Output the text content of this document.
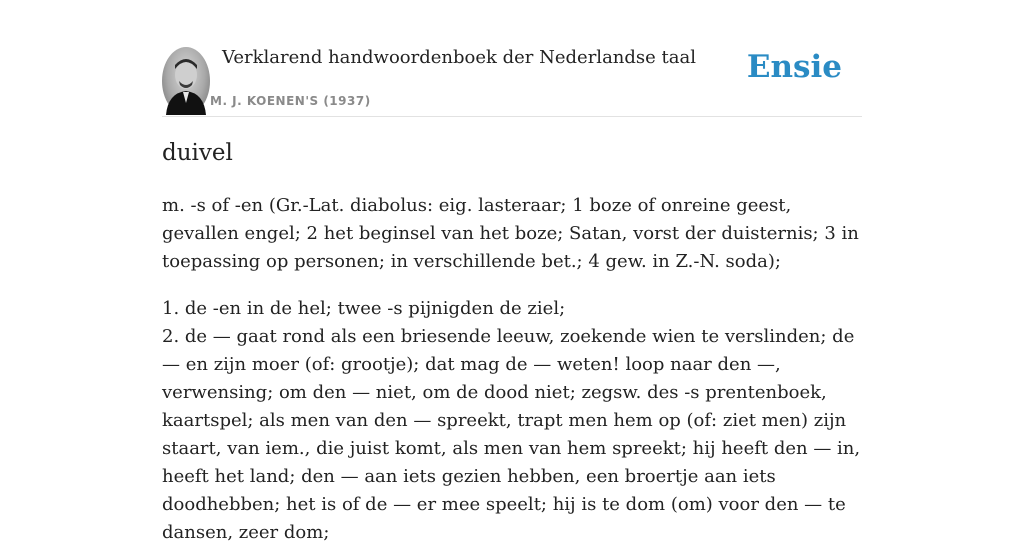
Verklarend handwoordenboek der Nederlandse taal
M. J. KOENEN'S (1937)
Ensie
duivel

m. -s of -en (Gr.-Lat. diabolus: eig. lasteraar; 1 boze of onreine geest, gevallen engel; 2 het beginsel van het boze; Satan, vorst der duisternis; 3 in toepassing op personen; in verschillende bet.; 4 gew. in Z.-N. soda);

1. de -en in de hel; twee -s pijnigden de ziel;
2. de — gaat rond als een briesende leeuw, zoekende wien te verslinden; de — en zijn moer (of: grootje); dat mag de — weten! loop naar den —, verwensing; om den — niet, om de dood niet; zegsw. des -s prentenboek, kaartspel; als men van den — spreekt, trapt men hem op (of: ziet men) zijn staart, van iem., die juist komt, als men van hem spreekt; hij heeft den — in, heeft het land; den — aan iets gezien hebben, een broertje aan iets doodhebben; het is of de — er mee speelt; hij is te dom (om) voor den — te dansen, zeer dom;
